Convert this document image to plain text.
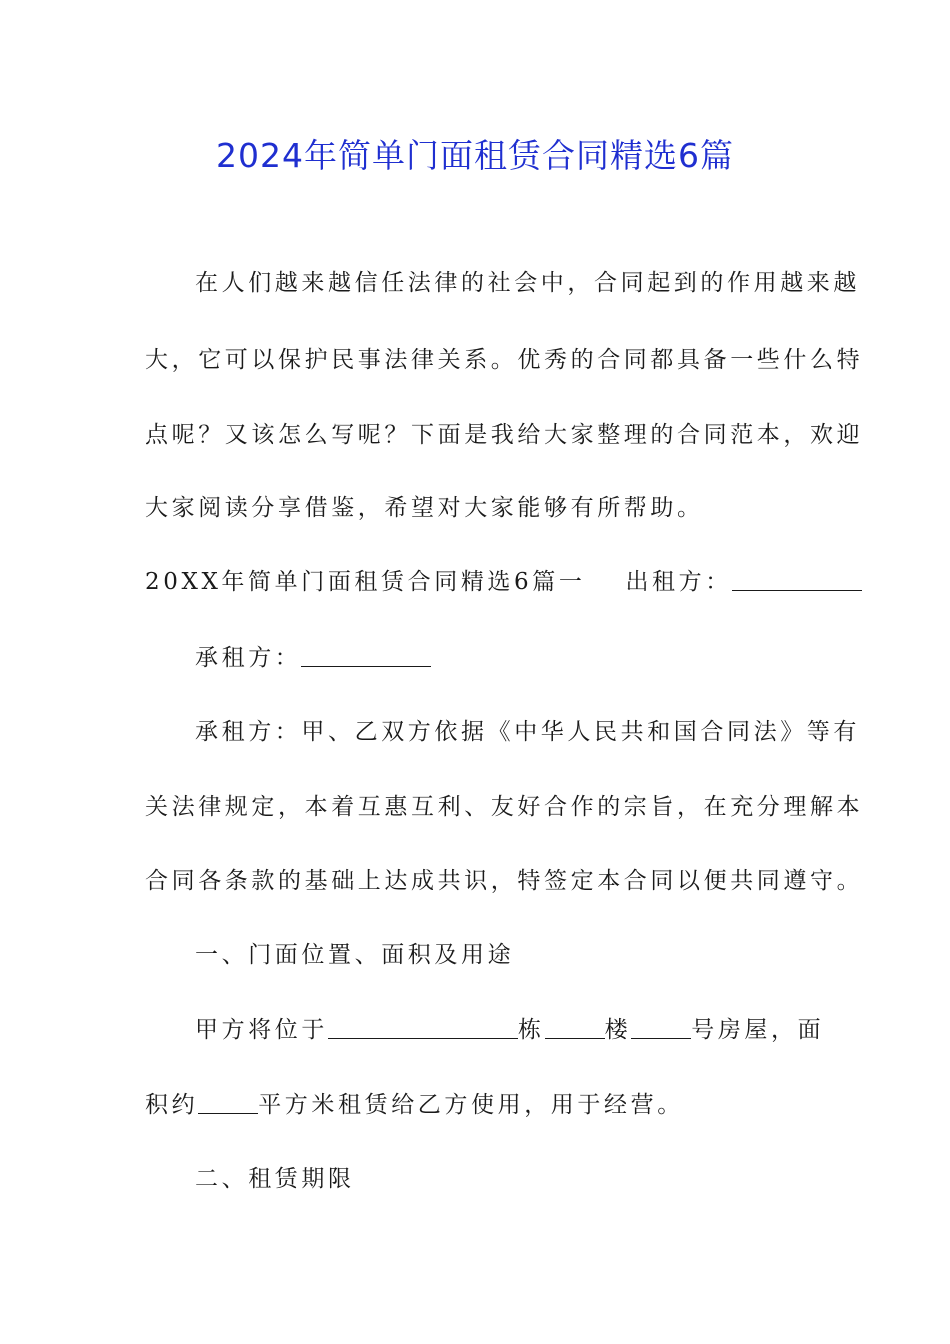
2024年简单门面租赁合同精选6篇
在人们越来越信任法律的社会中，合同起到的作用越来越
大，它可以保护民事法律关系。优秀的合同都具备一些什么特
点呢？又该怎么写呢？下面是我给大家整理的合同范本，欢迎
大家阅读分享借鉴，希望对大家能够有所帮助。
20XX年简单门面租赁合同精选6篇一 出租方：
承租方：
承租方：甲、乙双方依据《中华人民共和国合同法》等有
关法律规定，本着互惠互利、友好合作的宗旨，在充分理解本
合同各条款的基础上达成共识，特签定本合同以便共同遵守。
一、门面位置、面积及用途
甲方将位于	栋	楼	号房屋，面
积约	平方米租赁给乙方使用，用于经营。
二、租赁期限
